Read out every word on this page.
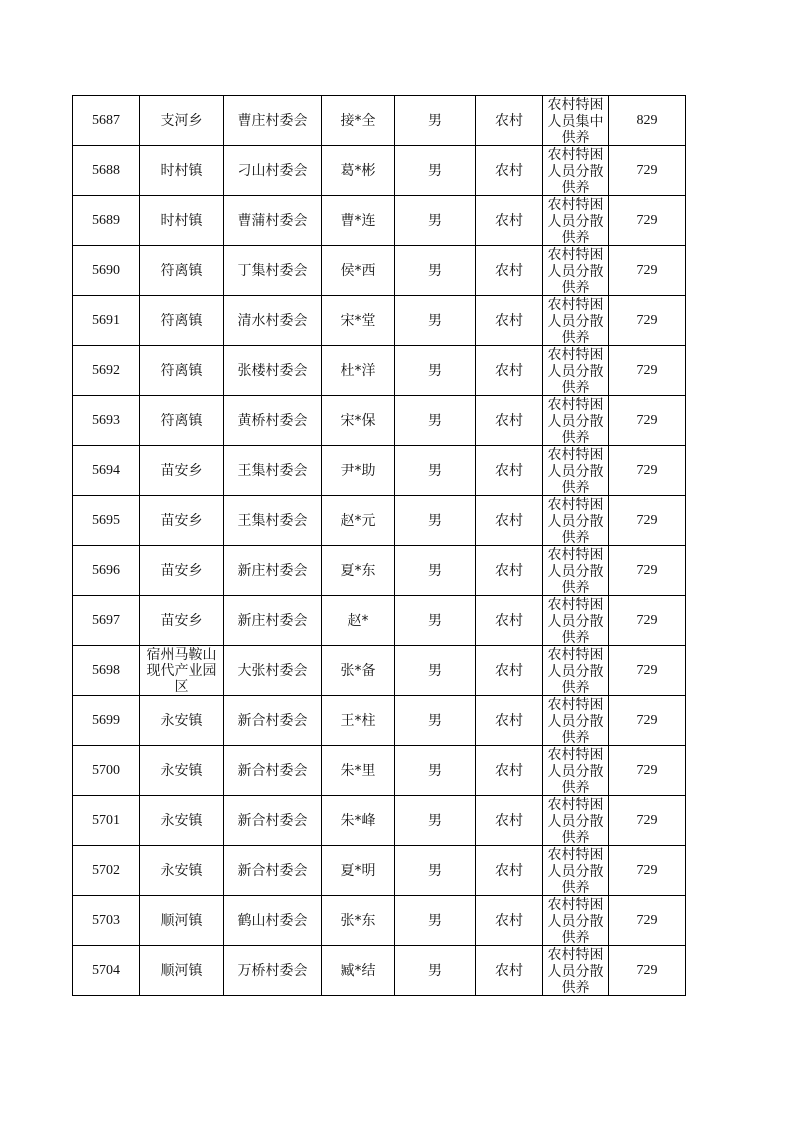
5687	支河乡	曹庄村委会	接*全	男	农村	农村特困人员集中供养	829
5688	时村镇	刁山村委会	葛*彬	男	农村	农村特困人员分散供养	729
5689	时村镇	曹蒲村委会	曹*连	男	农村	农村特困人员分散供养	729
5690	符离镇	丁集村委会	侯*西	男	农村	农村特困人员分散供养	729
5691	符离镇	清水村委会	宋*堂	男	农村	农村特困人员分散供养	729
5692	符离镇	张楼村委会	杜*洋	男	农村	农村特困人员分散供养	729
5693	符离镇	黄桥村委会	宋*保	男	农村	农村特困人员分散供养	729
5694	苗安乡	王集村委会	尹*助	男	农村	农村特困人员分散供养	729
5695	苗安乡	王集村委会	赵*元	男	农村	农村特困人员分散供养	729
5696	苗安乡	新庄村委会	夏*东	男	农村	农村特困人员分散供养	729
5697	苗安乡	新庄村委会	赵*	男	农村	农村特困人员分散供养	729
5698	宿州马鞍山现代产业园区	大张村委会	张*备	男	农村	农村特困人员分散供养	729
5699	永安镇	新合村委会	王*柱	男	农村	农村特困人员分散供养	729
5700	永安镇	新合村委会	朱*里	男	农村	农村特困人员分散供养	729
5701	永安镇	新合村委会	朱*峰	男	农村	农村特困人员分散供养	729
5702	永安镇	新合村委会	夏*明	男	农村	农村特困人员分散供养	729
5703	顺河镇	鹤山村委会	张*东	男	农村	农村特困人员分散供养	729
5704	顺河镇	万桥村委会	臧*结	男	农村	农村特困人员分散供养	729
